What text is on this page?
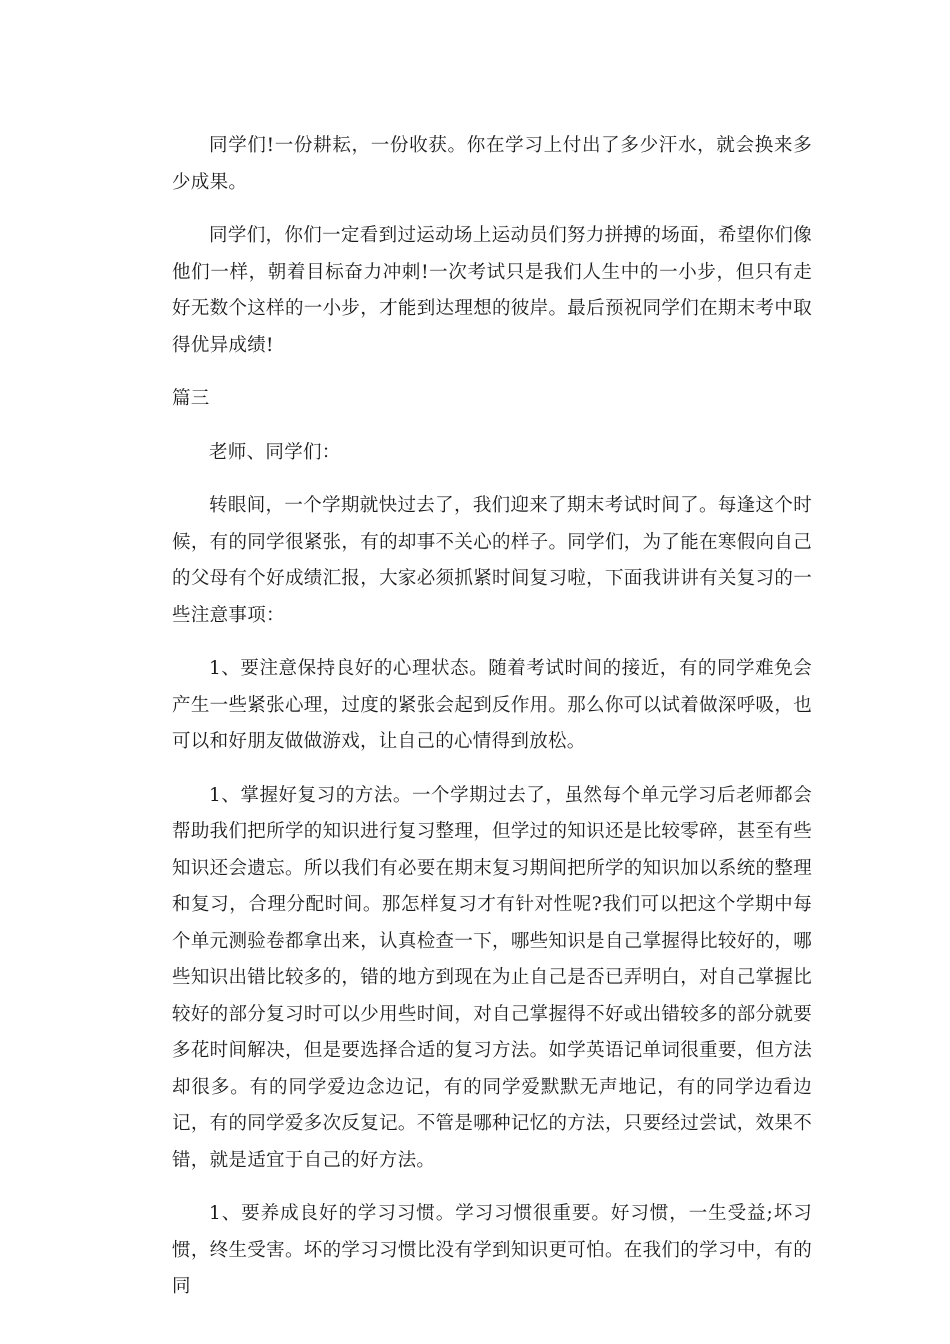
同学们!一份耕耘，一份收获。你在学习上付出了多少汗水，就会换来多少成果。

同学们，你们一定看到过运动场上运动员们努力拼搏的场面，希望你们像他们一样，朝着目标奋力冲刺!一次考试只是我们人生中的一小步，但只有走好无数个这样的一小步，才能到达理想的彼岸。最后预祝同学们在期末考中取得优异成绩!

篇三

老师、同学们：

转眼间，一个学期就快过去了，我们迎来了期末考试时间了。每逢这个时候，有的同学很紧张，有的却事不关心的样子。同学们，为了能在寒假向自己的父母有个好成绩汇报，大家必须抓紧时间复习啦，下面我讲讲有关复习的一些注意事项：

1、要注意保持良好的心理状态。随着考试时间的接近，有的同学难免会产生一些紧张心理，过度的紧张会起到反作用。那么你可以试着做深呼吸，也可以和好朋友做做游戏，让自己的心情得到放松。

1、掌握好复习的方法。一个学期过去了，虽然每个单元学习后老师都会帮助我们把所学的知识进行复习整理，但学过的知识还是比较零碎，甚至有些知识还会遗忘。所以我们有必要在期末复习期间把所学的知识加以系统的整理和复习，合理分配时间。那怎样复习才有针对性呢?我们可以把这个学期中每个单元测验卷都拿出来，认真检查一下，哪些知识是自己掌握得比较好的，哪些知识出错比较多的，错的地方到现在为止自己是否已弄明白，对自己掌握比较好的部分复习时可以少用些时间，对自己掌握得不好或出错较多的部分就要多花时间解决，但是要选择合适的复习方法。如学英语记单词很重要，但方法却很多。有的同学爱边念边记，有的同学爱默默无声地记，有的同学边看边记，有的同学爱多次反复记。不管是哪种记忆的方法，只要经过尝试，效果不错，就是适宜于自己的好方法。

1、要养成良好的学习习惯。学习习惯很重要。好习惯，一生受益;坏习惯，终生受害。坏的学习习惯比没有学到知识更可怕。在我们的学习中，有的同
